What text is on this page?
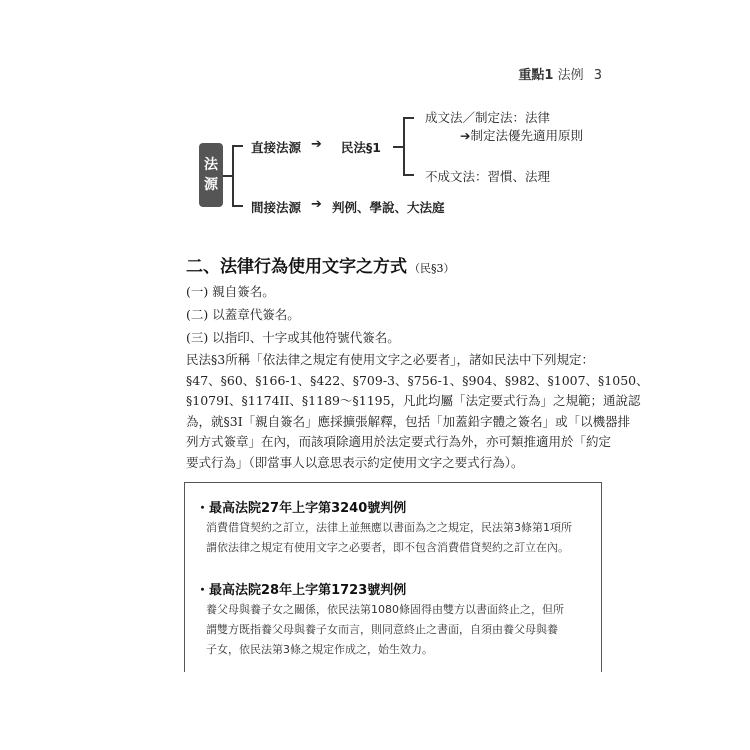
重點1 法例 3
法
源
直接法源 ➔ 民法§1
間接法源 ➔ 判例、學說、大法庭
成文法／制定法：法律
➔制定法優先適用原則
不成文法：習慣、法理
二、法律行為使用文字之方式 （民§3）
(一) 親自簽名。
(二) 以蓋章代簽名。
(三) 以指印、十字或其他符號代簽名。

民法§3所稱「依法律之規定有使用文字之必要者」，諸如民法中下列規定：

§47、§60、§166-1、§422、§709-3、§756-1、§904、§982、§1007、§1050、

§1079I、§1174II、§1189～§1195，凡此均屬「法定要式行為」之規範；通說認

為，就§3I「親自簽名」應採擴張解釋，包括「加蓋鉛字體之簽名」或「以機器排

列方式簽章」在內，而該項除適用於法定要式行為外，亦可類推適用於「約定

要式行為」（即當事人以意思表示約定使用文字之要式行為）。

・最高法院27年上字第3240號判例
消費借貸契約之訂立，法律上並無應以書面為之之規定，民法第3條第1項所
謂依法律之規定有使用文字之必要者，即不包含消費借貸契約之訂立在內。
・最高法院28年上字第1723號判例
養父母與養子女之關係，依民法第1080條固得由雙方以書面終止之，但所
謂雙方既指養父母與養子女而言，則同意終止之書面，自須由養父母與養
子女，依民法第3條之規定作成之，始生效力。
